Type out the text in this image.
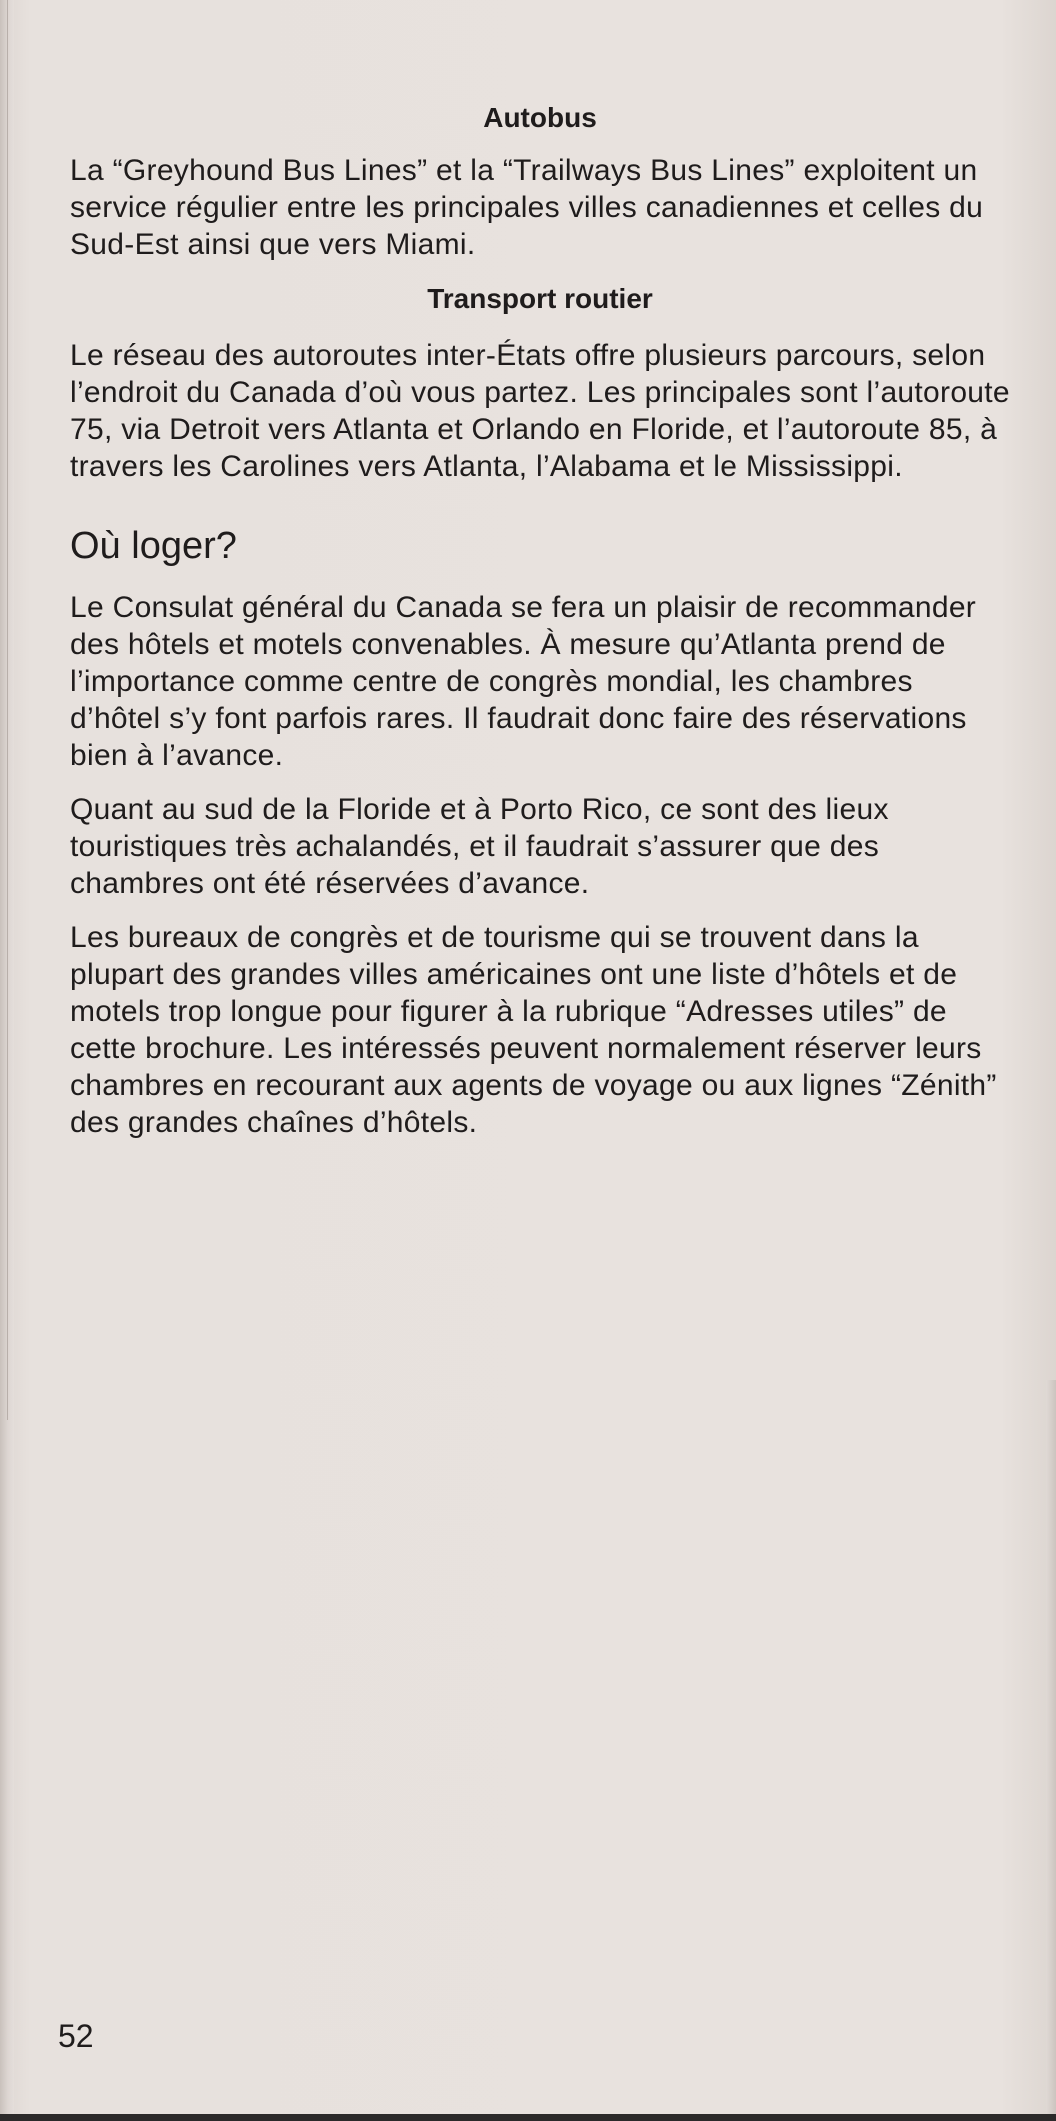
Autobus

La “Greyhound Bus Lines” et la “Trailways Bus Lines” exploitent un service régulier entre les principales villes canadiennes et celles du Sud-Est ainsi que vers Miami.

Transport routier

Le réseau des autoroutes inter-États offre plusieurs parcours, selon l’endroit du Canada d’où vous partez. Les principales sont l’autoroute 75, via Detroit vers Atlanta et Orlando en Floride, et l’autoroute 85, à travers les Carolines vers Atlanta, l’Alabama et le Mississippi.

Où loger?

Le Consulat général du Canada se fera un plaisir de recommander des hôtels et motels convenables. À mesure qu’Atlanta prend de l’importance comme centre de congrès mondial, les chambres d’hôtel s’y font parfois rares. Il faudrait donc faire des réservations bien à l’avance.

Quant au sud de la Floride et à Porto Rico, ce sont des lieux touristiques très achalandés, et il faudrait s’assurer que des chambres ont été réservées d’avance.

Les bureaux de congrès et de tourisme qui se trouvent dans la plupart des grandes villes américaines ont une liste d’hôtels et de motels trop longue pour figurer à la rubrique “Adresses utiles” de cette brochure. Les intéressés peuvent normalement réserver leurs chambres en recourant aux agents de voyage ou aux lignes “Zénith” des grandes chaînes d’hôtels.

52
